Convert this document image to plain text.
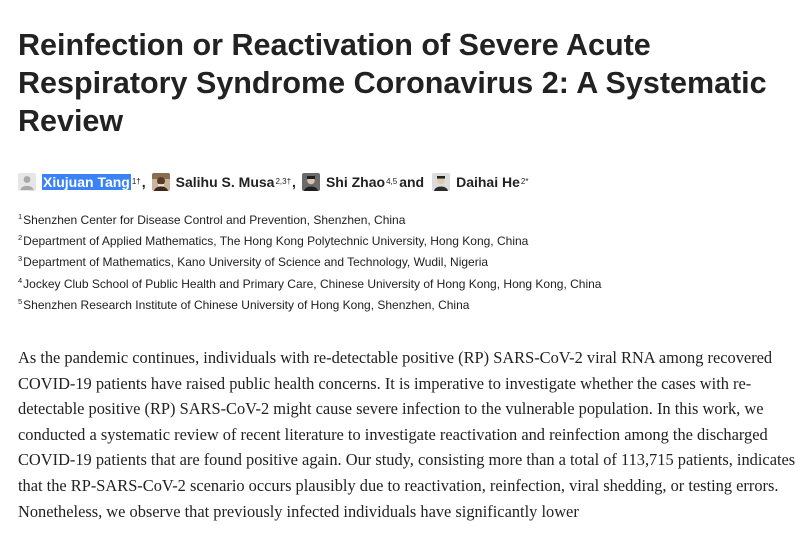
Reinfection or Reactivation of Severe Acute Respiratory Syndrome Coronavirus 2: A Systematic Review
Xiujuan Tang 1† , Salihu S. Musa 2,3† , Shi Zhao 4,5 and Daihai He 2*
$^1$Shenzhen Center for Disease Control and Prevention, Shenzhen, China
$^2$Department of Applied Mathematics, The Hong Kong Polytechnic University, Hong Kong, China
$^3$Department of Mathematics, Kano University of Science and Technology, Wudil, Nigeria
$^4$Jockey Club School of Public Health and Primary Care, Chinese University of Hong Kong, Hong Kong, China
$^5$Shenzhen Research Institute of Chinese University of Hong Kong, Shenzhen, China

As the pandemic continues, individuals with re-detectable positive (RP) SARS-CoV-2 viral RNA among recovered COVID-19 patients have raised public health concerns. It is imperative to investigate whether the cases with re-detectable positive (RP) SARS-CoV-2 might cause severe infection to the vulnerable population. In this work, we conducted a systematic review of recent literature to investigate reactivation and reinfection among the discharged COVID-19 patients that are found positive again. Our study, consisting more than a total of 113,715 patients, indicates that the RP-SARS-CoV-2 scenario occurs plausibly due to reactivation, reinfection, viral shedding, or testing errors. Nonetheless, we observe that previously infected individuals have significantly lower
